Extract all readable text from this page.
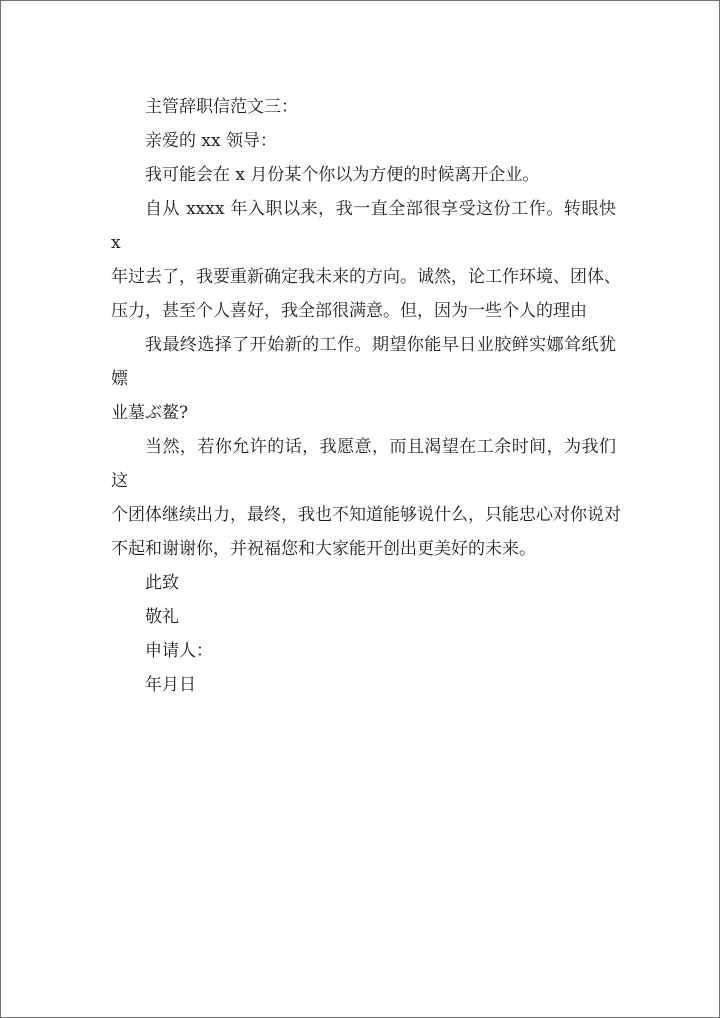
主管辞职信范文三：

亲爱的 xx 领导：

我可能会在 x 月份某个你以为方便的时候离开企业。

自从 xxxx 年入职以来，我一直全部很享受这份工作。转眼快 x

年过去了，我要重新确定我未来的方向。诚然，论工作环境、团体、

压力，甚至个人喜好，我全部很满意。但，因为一些个人的理由

我最终选择了开始新的工作。期望你能早日业胶鲜实娜耸纸犹嫖

业墓ぶ鳌?

当然，若你允许的话，我愿意，而且渴望在工余时间，为我们这

个团体继续出力，最终，我也不知道能够说什么，只能忠心对你说对

不起和谢谢你，并祝福您和大家能开创出更美好的未来。

此致

敬礼

申请人：

年月日
